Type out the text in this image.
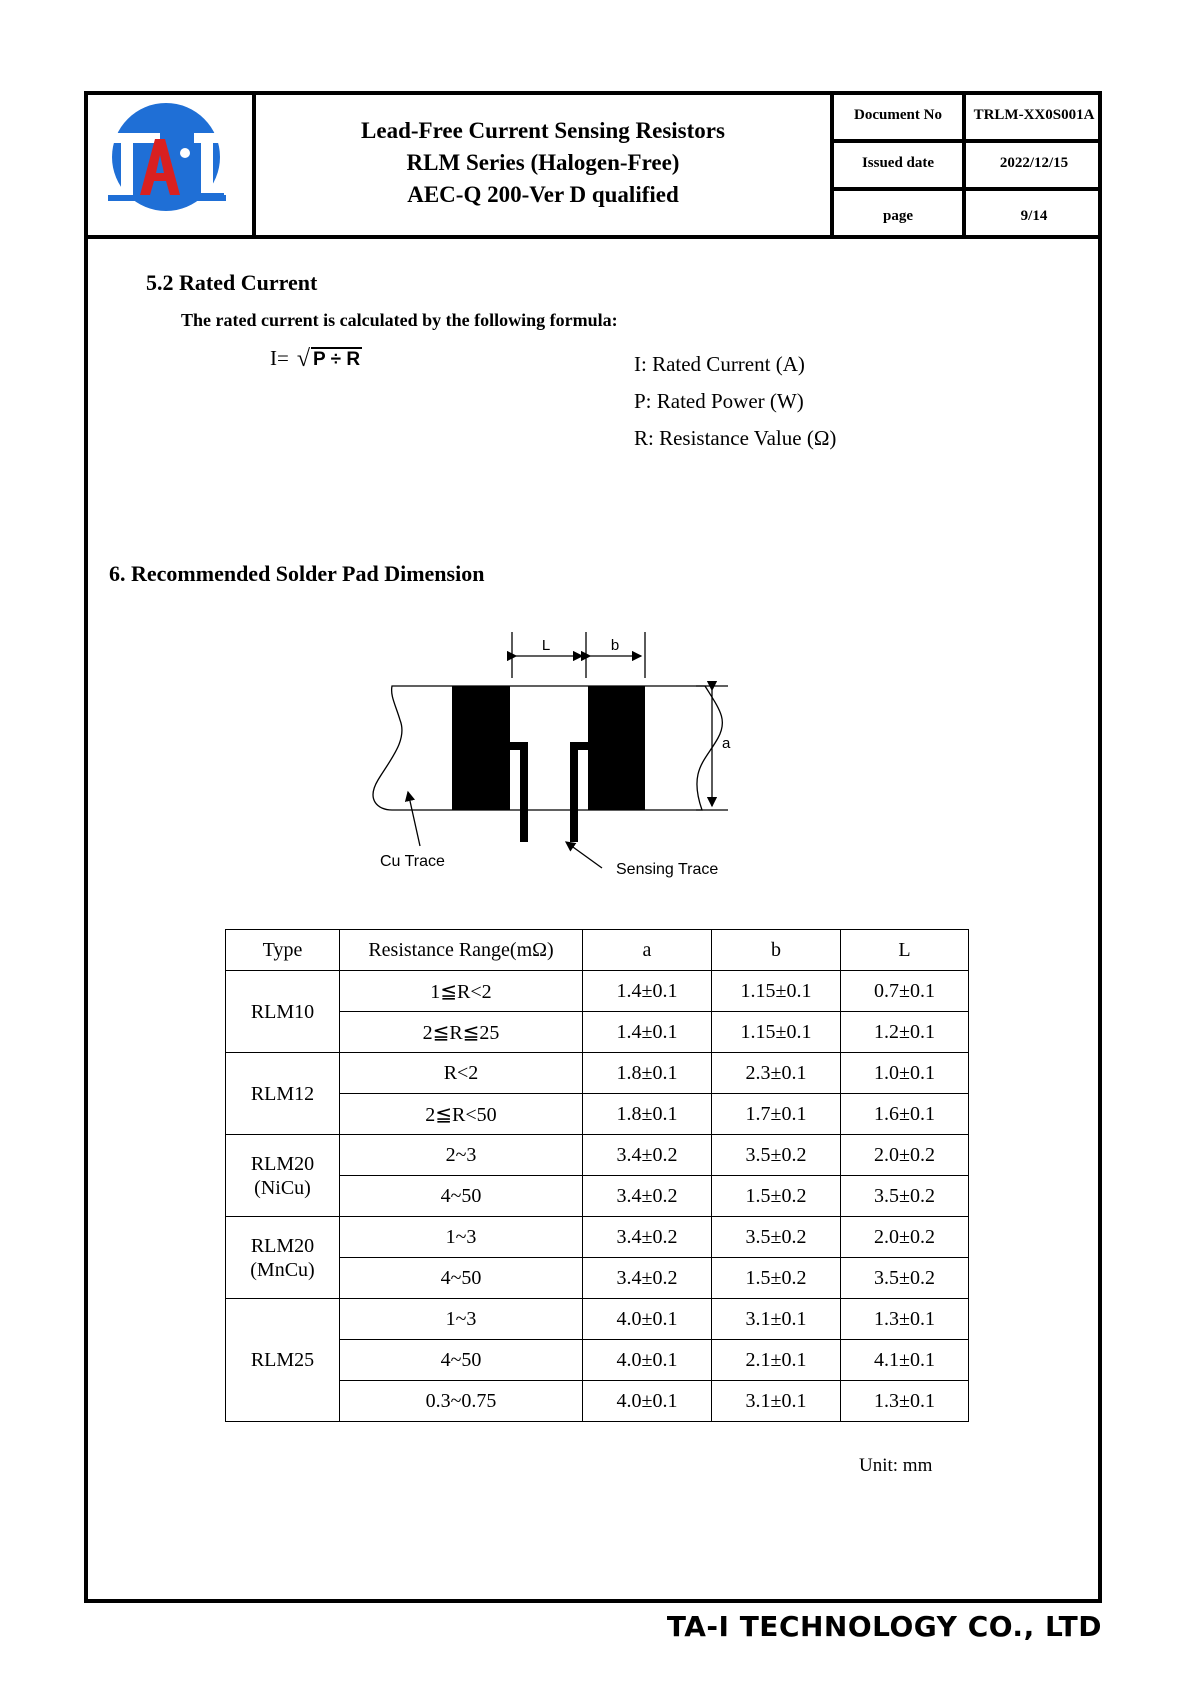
Lead-Free Current Sensing Resistors
RLM Series (Halogen-Free)
AEC-Q 200-Ver D qualified
Document No	TRLM-XX0S001A
Issued date	2022/12/15
page	9/14
5.2 Rated Current
The rated current is calculated by the following formula:
I= √ P ÷ R	I: Rated Current (A)
P: Rated Power (W)
R: Resistance Value (Ω)
6. Recommended Solder Pad Dimension
L	b
a
Cu Trace	Sensing Trace
Type	Resistance Range(mΩ)	a	b	L

RLM10	1≦R<2	1.4±0.1	1.15±0.1	0.7±0.1
	2≦R≦25	1.4±0.1	1.15±0.1	1.2±0.1

RLM12	R<2	1.8±0.1	2.3±0.1	1.0±0.1
	2≦R<50	1.8±0.1	1.7±0.1	1.6±0.1

RLM20
(NiCu)	2~3	3.4±0.2	3.5±0.2	2.0±0.2
	4~50	3.4±0.2	1.5±0.2	3.5±0.2

RLM20
(MnCu)	1~3	3.4±0.2	3.5±0.2	2.0±0.2
	4~50	3.4±0.2	1.5±0.2	3.5±0.2

RLM25	1~3	4.0±0.1	3.1±0.1	1.3±0.1
	4~50	4.0±0.1	2.1±0.1	4.1±0.1
	0.3~0.75	4.0±0.1	3.1±0.1	1.3±0.1
Unit: mm
TA-I TECHNOLOGY CO., LTD
